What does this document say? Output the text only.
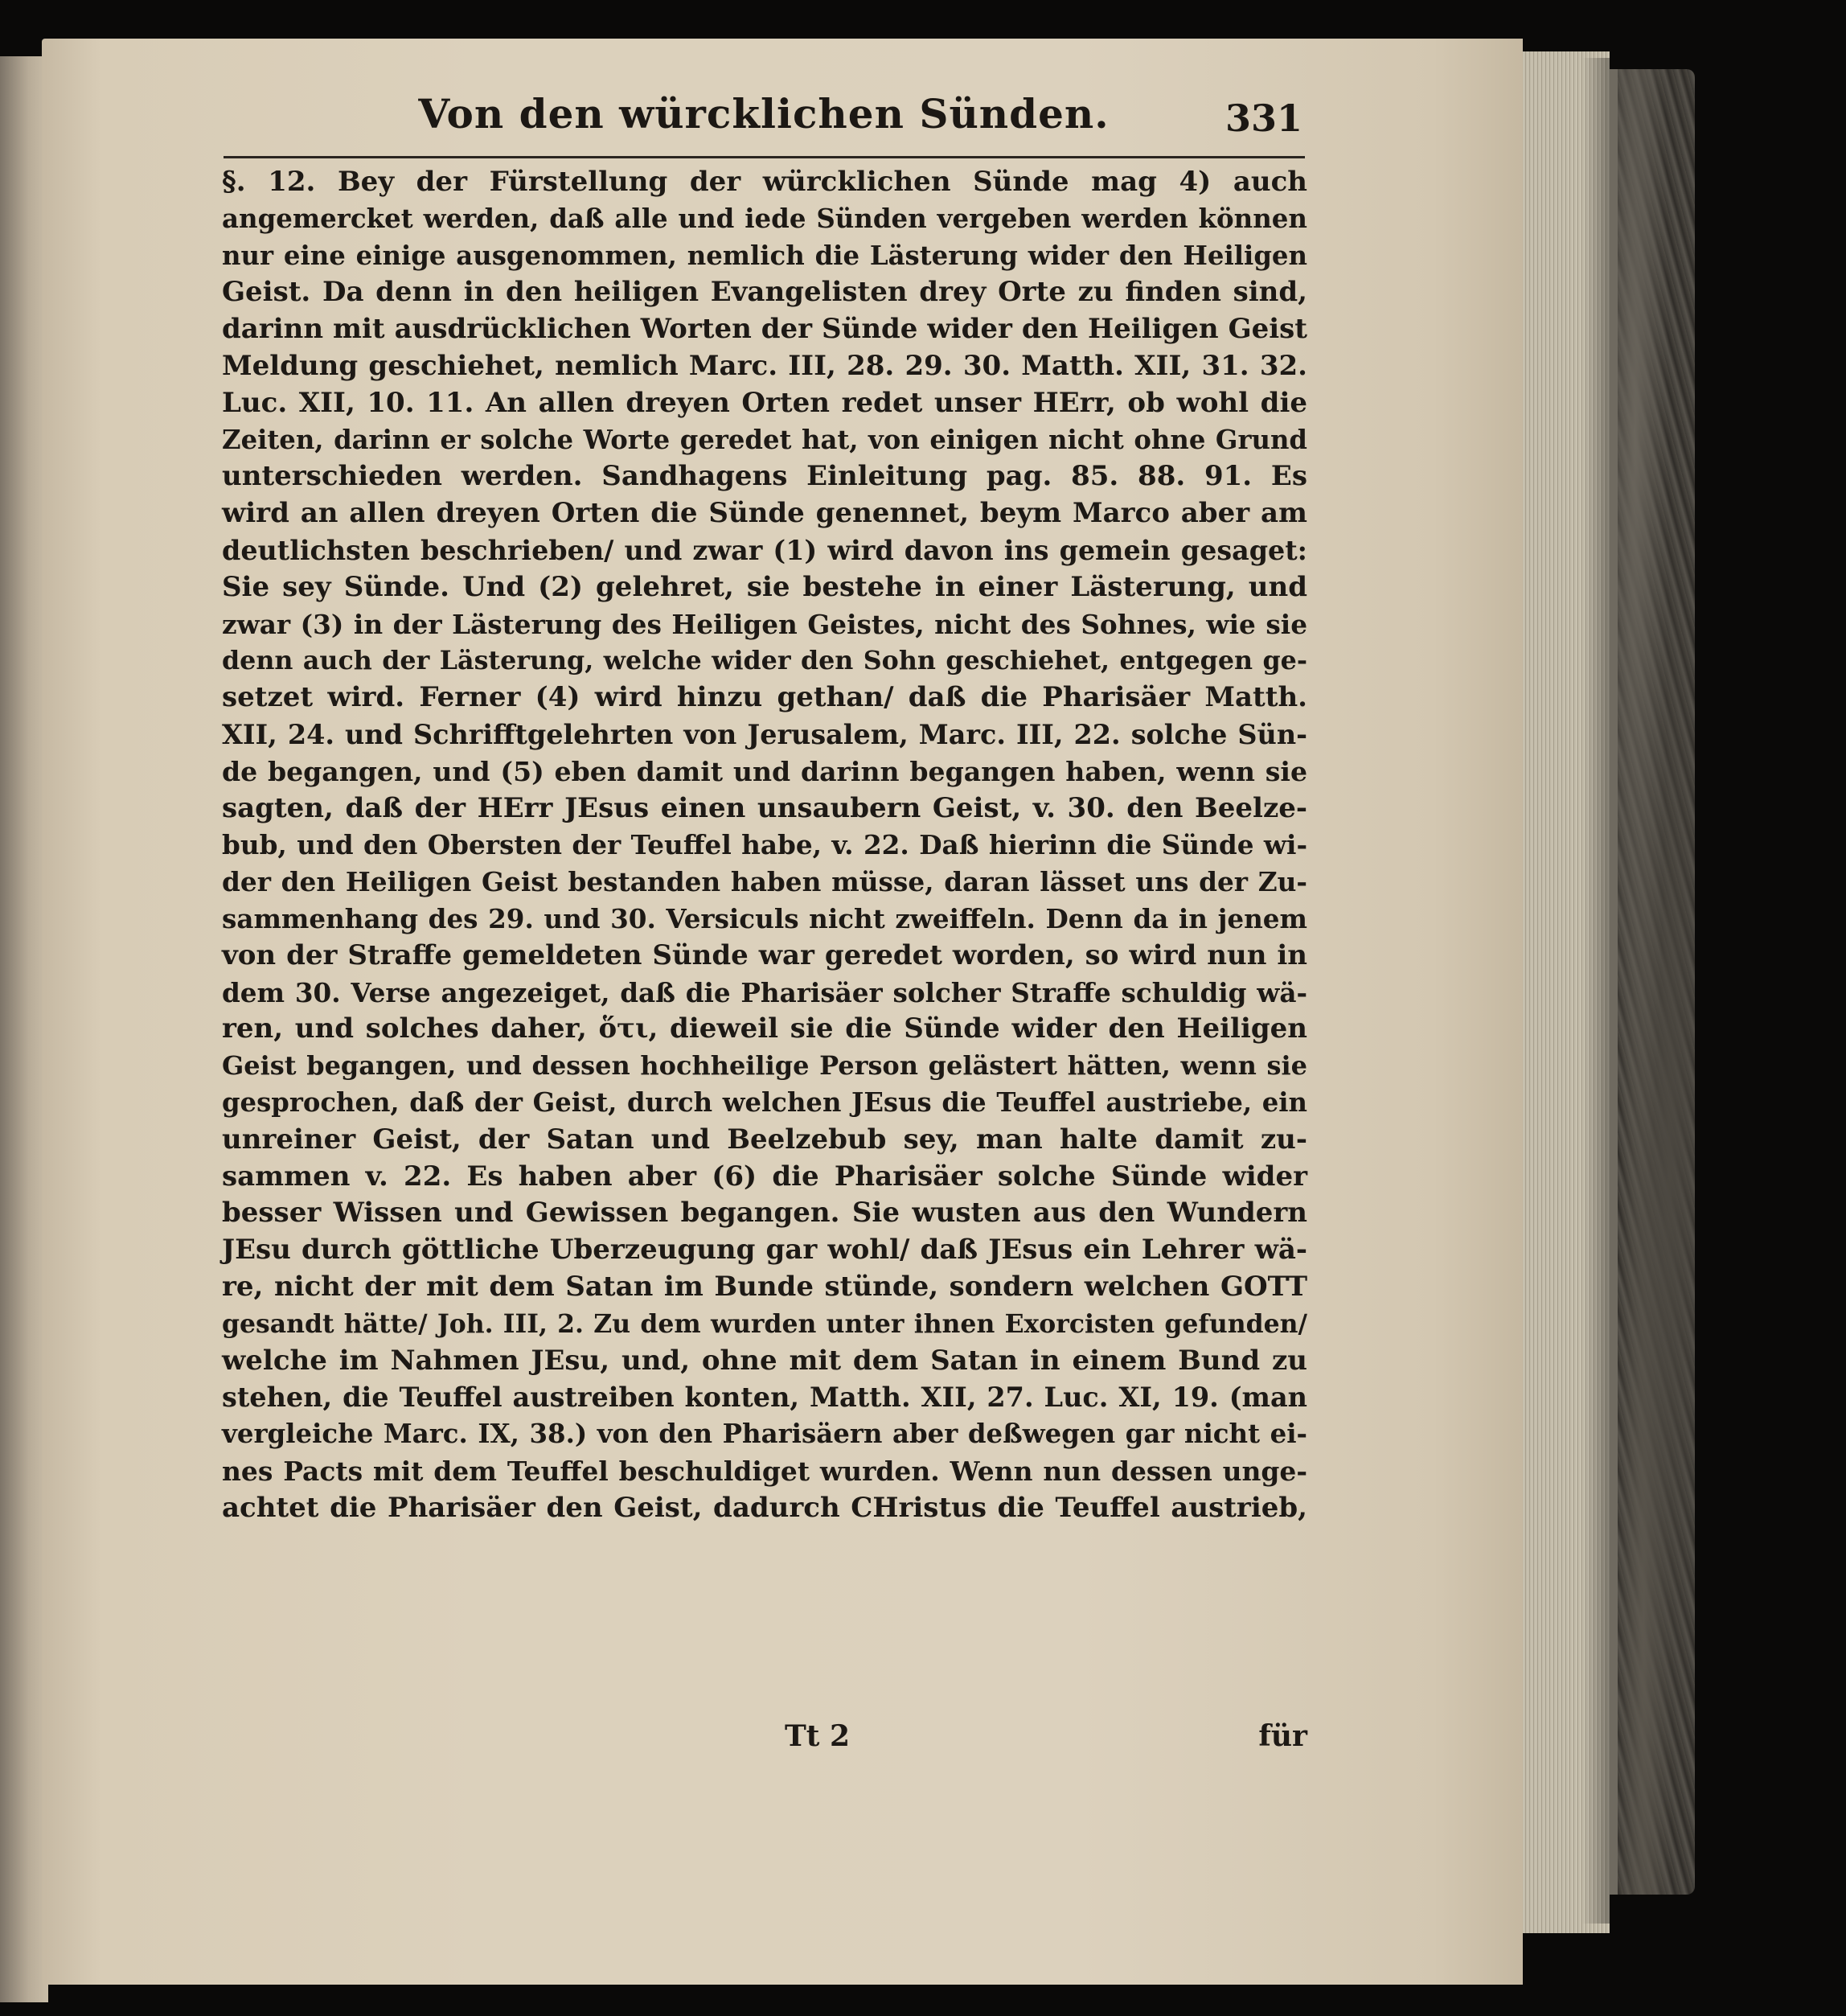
Von den würcklichen Sünden.	331
§. 12. Bey der Fürstellung der würcklichen Sünde mag 4) auch
angemercket werden, daß alle und iede Sünden vergeben werden können
nur eine einige ausgenommen, nemlich die Lästerung wider den Heiligen
Geist. Da denn in den heiligen Evangelisten drey Orte zu finden sind,
darinn mit ausdrücklichen Worten der Sünde wider den Heiligen Geist
Meldung geschiehet, nemlich Marc. III, 28. 29. 30. Matth. XII, 31. 32.
Luc. XII, 10. 11. An allen dreyen Orten redet unser HErr, ob wohl die
Zeiten, darinn er solche Worte geredet hat, von einigen nicht ohne Grund
unterschieden werden. Sandhagens Einleitung pag. 85. 88. 91. Es
wird an allen dreyen Orten die Sünde genennet, beym Marco aber am
deutlichsten beschrieben/ und zwar (1) wird davon ins gemein gesaget:
Sie sey Sünde. Und (2) gelehret, sie bestehe in einer Lästerung, und
zwar (3) in der Lästerung des Heiligen Geistes, nicht des Sohnes, wie sie
denn auch der Lästerung, welche wider den Sohn geschiehet, entgegen ge-
setzet wird. Ferner (4) wird hinzu gethan/ daß die Pharisäer Matth.
XII, 24. und Schrifftgelehrten von Jerusalem, Marc. III, 22. solche Sün-
de begangen, und (5) eben damit und darinn begangen haben, wenn sie
sagten, daß der HErr JEsus einen unsaubern Geist, v. 30. den Beelze-
bub, und den Obersten der Teuffel habe, v. 22. Daß hierinn die Sünde wi-
der den Heiligen Geist bestanden haben müsse, daran lässet uns der Zu-
sammenhang des 29. und 30. Versiculs nicht zweiffeln. Denn da in jenem
von der Straffe gemeldeten Sünde war geredet worden, so wird nun in
dem 30. Verse angezeiget, daß die Pharisäer solcher Straffe schuldig wä-
ren, und solches daher, ὅτι, dieweil sie die Sünde wider den Heiligen
Geist begangen, und dessen hochheilige Person gelästert hätten, wenn sie
gesprochen, daß der Geist, durch welchen JEsus die Teuffel austriebe, ein
unreiner Geist, der Satan und Beelzebub sey, man halte damit zu-
sammen v. 22. Es haben aber (6) die Pharisäer solche Sünde wider
besser Wissen und Gewissen begangen. Sie wusten aus den Wundern
JEsu durch göttliche Uberzeugung gar wohl/ daß JEsus ein Lehrer wä-
re, nicht der mit dem Satan im Bunde stünde, sondern welchen GOTT
gesandt hätte/ Joh. III, 2. Zu dem wurden unter ihnen Exorcisten gefunden/
welche im Nahmen JEsu, und, ohne mit dem Satan in einem Bund zu
stehen, die Teuffel austreiben konten, Matth. XII, 27. Luc. XI, 19. (man
vergleiche Marc. IX, 38.) von den Pharisäern aber deßwegen gar nicht ei-
nes Pacts mit dem Teuffel beschuldiget wurden. Wenn nun dessen unge-
achtet die Pharisäer den Geist, dadurch CHristus die Teuffel austrieb,
Tt 2	für
